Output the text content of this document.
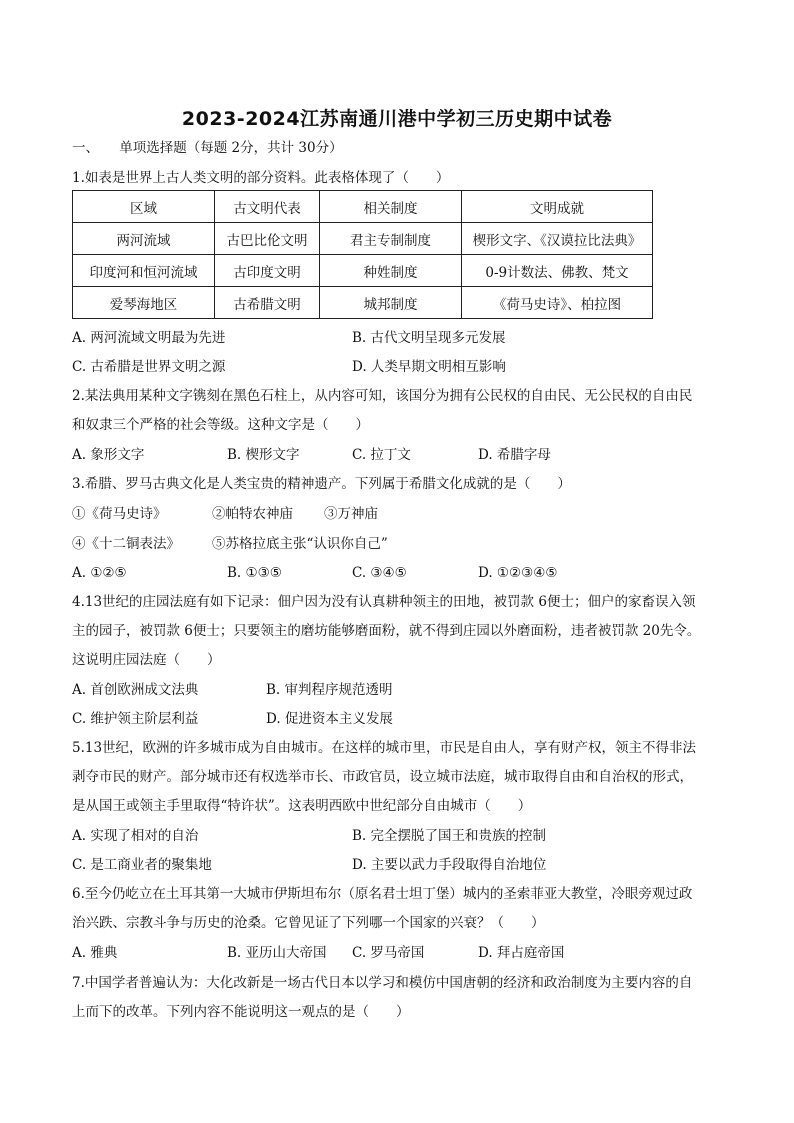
2023-2024江苏南通川港中学初三历史期中试卷
一、　　单项选择题（每题 2分，共计 30分）
1.如表是世界上古人类文明的部分资料。此表格体现了（　　）
区域	古文明代表	相关制度	文明成就
两河流域	古巴比伦文明	君主专制制度	楔形文字、《汉谟拉比法典》
印度河和恒河流域	古印度文明	种姓制度	0-9计数法、佛教、梵文
爱琴海地区	古希腊文明	城邦制度	《荷马史诗》、柏拉图
A. 两河流域文明最为先进	B. 古代文明呈现多元发展
C. 古希腊是世界文明之源	D. 人类早期文明相互影响
2.某法典用某种文字镌刻在黑色石柱上，从内容可知，该国分为拥有公民权的自由民、无公民权的自由民
和奴隶三个严格的社会等级。这种文字是（　　）
A. 象形文字	B. 楔形文字	C. 拉丁文	D. 希腊字母
3.希腊、罗马古典文化是人类宝贵的精神遗产。下列属于希腊文化成就的是（　　）
①《荷马史诗》	②帕特农神庙 ③万神庙
④《十二铜表法》 ⑤苏格拉底主张“认识你自己”
A. ①②⑤	B. ①③⑤	C. ③④⑤	D. ①②③④⑤
4.13世纪的庄园法庭有如下记录：佃户因为没有认真耕种领主的田地，被罚款 6便士；佃户的家畜误入领
主的园子，被罚款 6便士；只要领主的磨坊能够磨面粉，就不得到庄园以外磨面粉，违者被罚款 20先令。
这说明庄园法庭（　　）
A. 首创欧洲成文法典	B. 审判程序规范透明
C. 维护领主阶层利益	D. 促进资本主义发展
5.13世纪，欧洲的许多城市成为自由城市。在这样的城市里，市民是自由人，享有财产权，领主不得非法
剥夺市民的财产。部分城市还有权选举市长、市政官员，设立城市法庭，城市取得自由和自治权的形式，
是从国王或领主手里取得“特许状”。这表明西欧中世纪部分自由城市（　　）
A. 实现了相对的自治	B. 完全摆脱了国王和贵族的控制
C. 是工商业者的聚集地	D. 主要以武力手段取得自治地位
6.至今仍屹立在土耳其第一大城市伊斯坦布尔（原名君士坦丁堡）城内的圣索菲亚大教堂，冷眼旁观过政
治兴跌、宗教斗争与历史的沧桑。它曾见证了下列哪一个国家的兴衰？（　　）
A. 雅典	B. 亚历山大帝国 C. 罗马帝国	D. 拜占庭帝国
7.中国学者普遍认为：大化改新是一场古代日本以学习和模仿中国唐朝的经济和政治制度为主要内容的自
上而下的改革。下列内容不能说明这一观点的是（　　）
